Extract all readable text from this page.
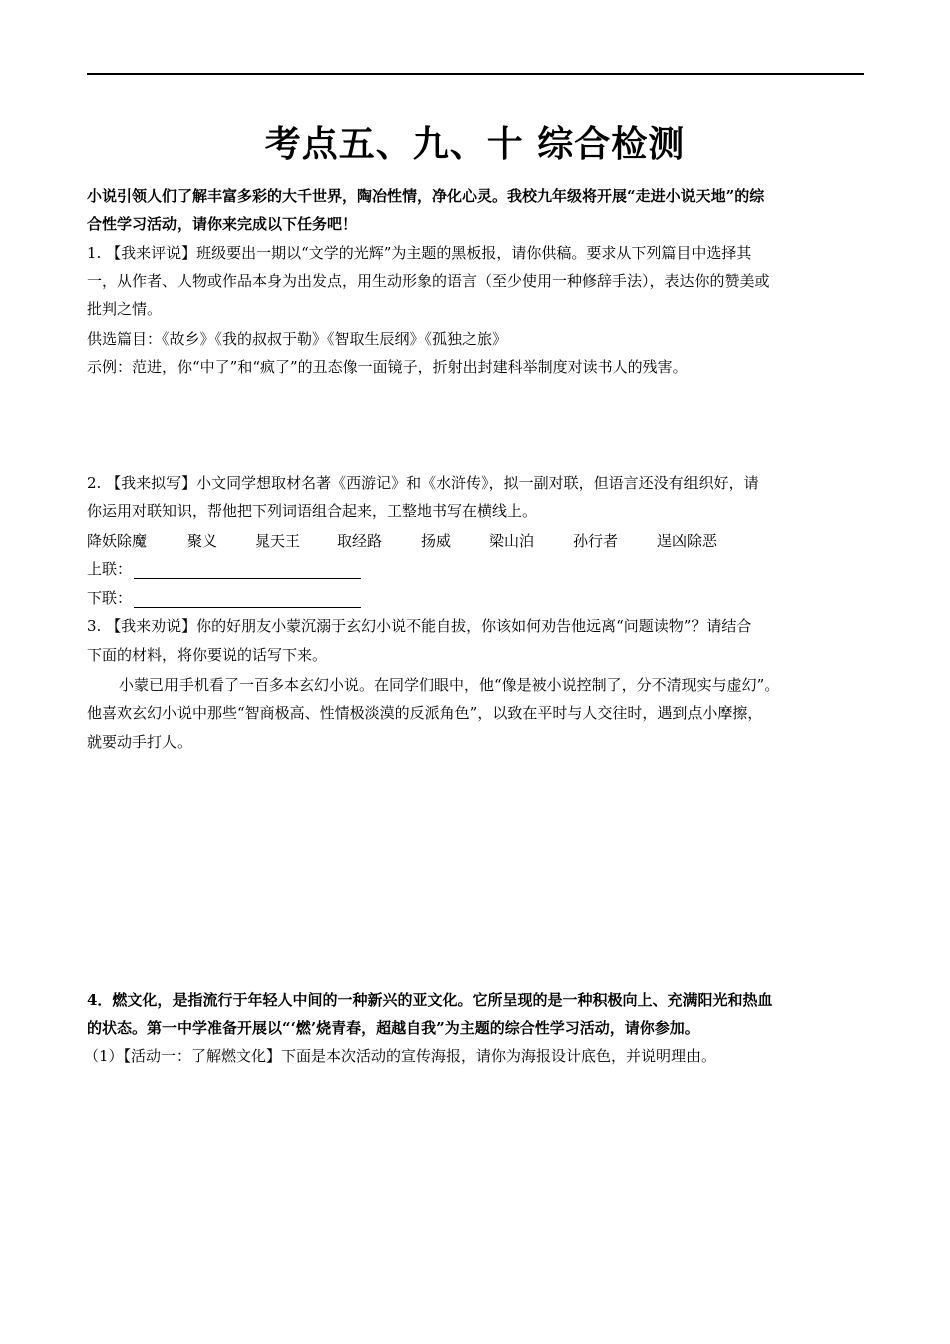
考点五、九、十 综合检测
小说引领人们了解丰富多彩的大千世界，陶冶性情，净化心灵。我校九年级将开展“走进小说天地”的综
合性学习活动，请你来完成以下任务吧！
1. 【我来评说】班级要出一期以“文学的光辉”为主题的黑板报，请你供稿。要求从下列篇目中选择其
一，从作者、人物或作品本身为出发点，用生动形象的语言（至少使用一种修辞手法），表达你的赞美或
批判之情。
供选篇目：《故乡》《我的叔叔于勒》《智取生辰纲》《孤独之旅》
示例：范进，你“中了”和“疯了”的丑态像一面镜子，折射出封建科举制度对读书人的残害。
2. 【我来拟写】小文同学想取材名著《西游记》和《水浒传》，拟一副对联，但语言还没有组织好，请
你运用对联知识，帮他把下列词语组合起来，工整地书写在横线上。
降妖除魔	聚义	晁天王 取经路	扬威	梁山泊	孙行者	逞凶除恶
上联：
下联：
3. 【我来劝说】你的好朋友小蒙沉溺于玄幻小说不能自拔，你该如何劝告他远离“问题读物”？请结合
下面的材料，将你要说的话写下来。
小蒙已用手机看了一百多本玄幻小说。在同学们眼中，他“像是被小说控制了，分不清现实与虚幻”。
他喜欢玄幻小说中那些“智商极高、性情极淡漠的反派角色”，以致在平时与人交往时，遇到点小摩擦，
就要动手打人。
4．燃文化，是指流行于年轻人中间的一种新兴的亚文化。它所呈现的是一种积极向上、充满阳光和热血
的状态。第一中学准备开展以“‘燃’烧青春，超越自我”为主题的综合性学习活动，请你参加。
（1）【活动一：了解燃文化】下面是本次活动的宣传海报，请你为海报设计底色，并说明理由。
